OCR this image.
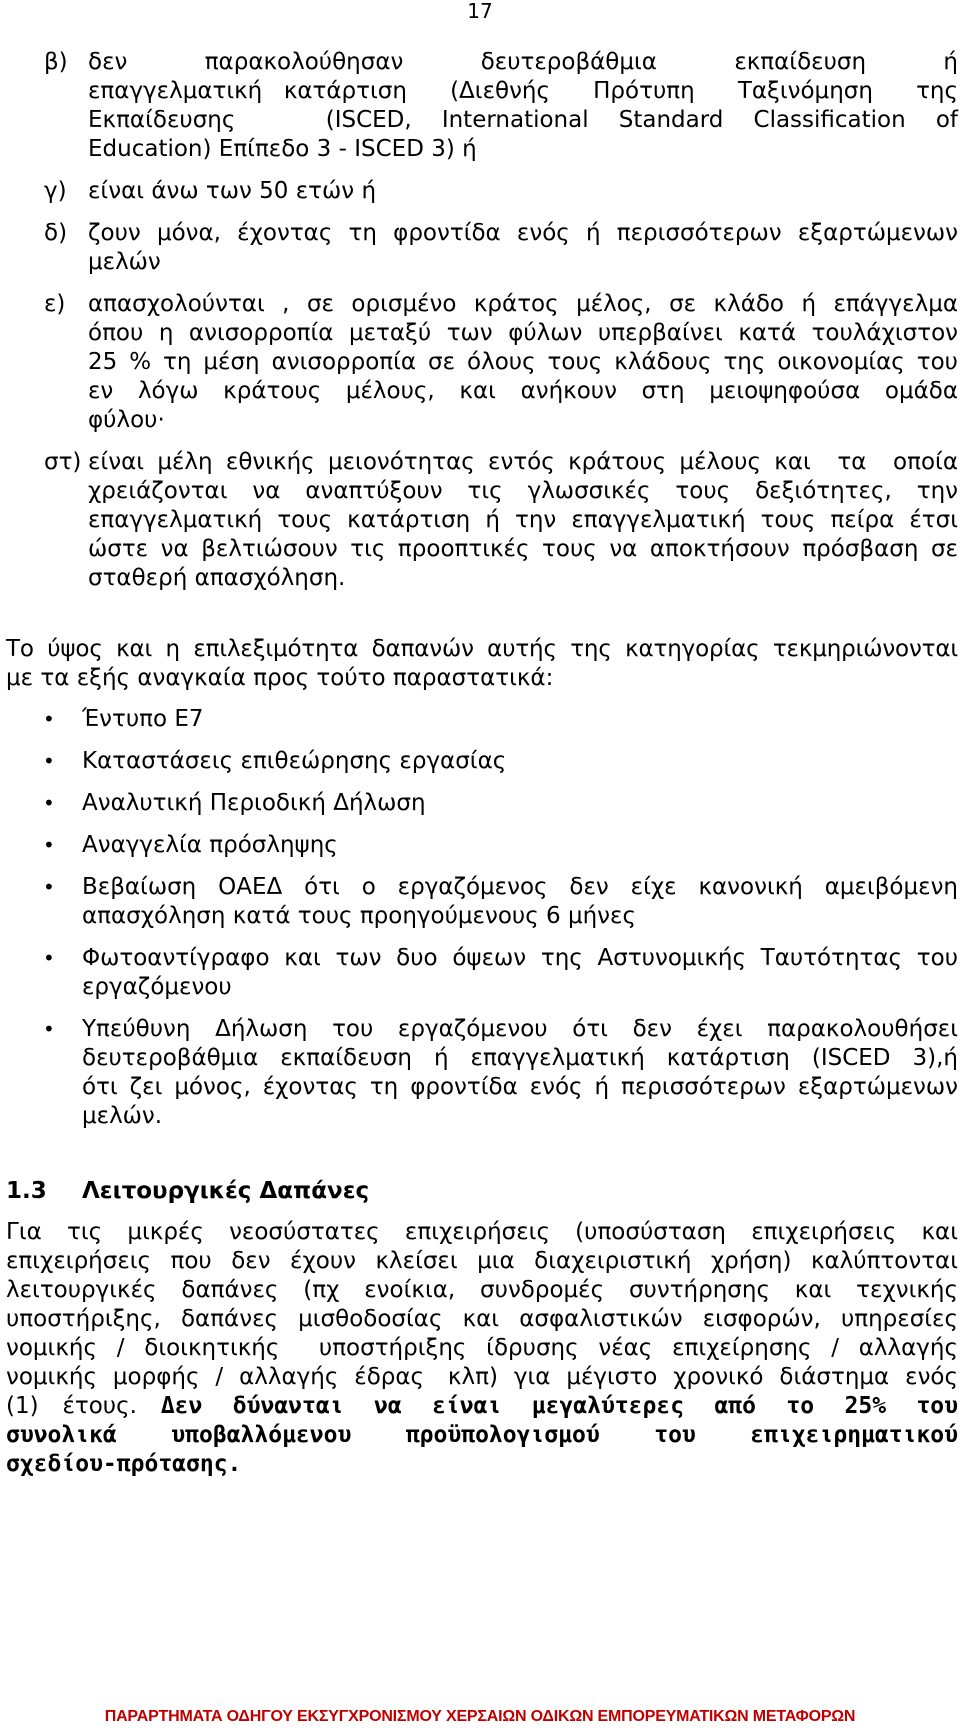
17
β) δεν   παρακολούθησαν   δευτεροβάθμια   εκπαίδευση   ή

επαγγελματική κατάρτιση  (Διεθνής  Πρότυπη  Ταξινόμηση  της

Εκπαίδευσης   (ISCED, International Standard Classification of

Education) Επίπεδο 3 - ISCED 3) ή

γ) είναι άνω των 50 ετών ή

δ) ζουν μόνα, έχοντας τη φροντίδα ενός ή περισσότερων εξαρτώμενων

μελών

ε) απασχολούνται , σε ορισμένο κράτος μέλος, σε κλάδο ή επάγγελμα

όπου η ανισορροπία μεταξύ των φύλων υπερβαίνει κατά τουλάχιστον

25 % τη μέση ανισορροπία σε όλους τους κλάδους της οικονομίας του

εν  λόγω  κράτους  μέλους,  και  ανήκουν  στη  μειοψηφούσα  ομάδα

φύλου·

στ) είναι μέλη εθνικής μειονότητας εντός κράτους μέλους και  τα  οποία

χρειάζονται  να  αναπτύξουν  τις  γλωσσικές  τους  δεξιότητες,  την

επαγγελματική τους κατάρτιση ή την επαγγελματική τους πείρα έτσι

ώστε να βελτιώσουν τις προοπτικές τους να αποκτήσουν πρόσβαση σε

σταθερή απασχόληση.

Το ύψος και η επιλεξιμότητα δαπανών αυτής της κατηγορίας τεκμηριώνονται

με τα εξής αναγκαία προς τούτο παραστατικά:

•	Έντυπο Ε7

•	Καταστάσεις επιθεώρησης εργασίας

•	Αναλυτική Περιοδική Δήλωση

•	Αναγγελία πρόσληψης

•	Βεβαίωση  ΟΑΕΔ  ότι  ο  εργαζόμενος  δεν  είχε  κανονική  αμειβόμενη

απασχόληση κατά τους προηγούμενους 6 μήνες

•	Φωτοαντίγραφο και των δυο όψεων της Αστυνομικής Ταυτότητας του

εργαζόμενου

•	Υπεύθυνη  Δήλωση  του  εργαζόμενου  ότι  δεν  έχει  παρακολουθήσει

δευτεροβάθμια εκπαίδευση ή επαγγελματική κατάρτιση (ISCED 3),ή

ότι ζει μόνος, έχοντας τη φροντίδα ενός ή περισσότερων εξαρτώμενων

μελών.

1.3	Λειτουργικές Δαπάνες

Για  τις  μικρές  νεοσύστατες  επιχειρήσεις  (υποσύσταση  επιχειρήσεις  και

επιχειρήσεις  που  δεν  έχουν  κλείσει  μια  διαχειριστική  χρήση)  καλύπτονται

λειτουργικές  δαπάνες  (πχ  ενοίκια,  συνδρομές  συντήρησης  και  τεχνικής

υποστήριξης,  δαπάνες  μισθοδοσίας  και  ασφαλιστικών  εισφορών,  υπηρεσίες

νομικής  /  διοικητικής    υποστήριξης  ίδρυσης  νέας  επιχείρησης  /  αλλαγής

νομικής  μορφής  /  αλλαγής  έδρας   κλπ)  για  μέγιστο  χρονικό  διάστημα  ενός

(1) έτους. Δεν δύνανται να είναι μεγαλύτερες από το 25% του

συνολικά υποβαλλόμενου προϋπολογισμού του επιχειρηματικού

σχεδίου-πρότασης.

ΠΑΡΑΡΤΗΜΑΤΑ ΟΔΗΓΟΥ ΕΚΣΥΓΧΡΟΝΙΣΜΟΥ ΧΕΡΣΑΙΩΝ ΟΔΙΚΩΝ ΕΜΠΟΡΕΥΜΑΤΙΚΩΝ ΜΕΤΑΦΟΡΩΝ
